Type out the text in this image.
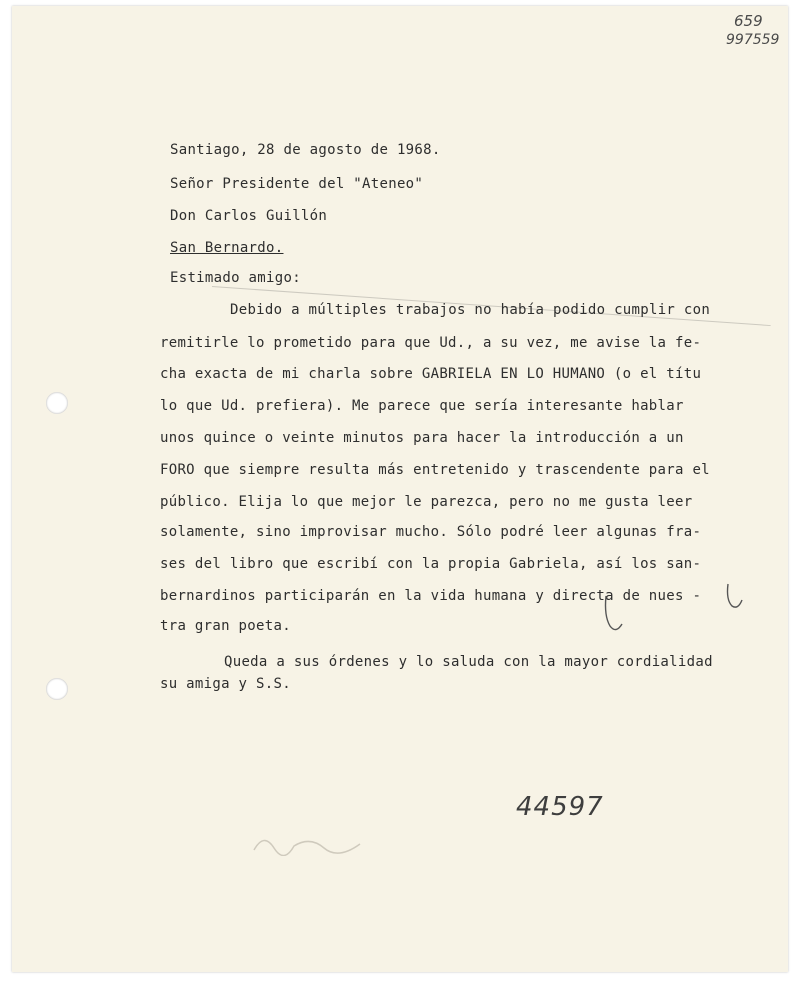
659
997559
Santiago, 28 de agosto de 1968.
Señor Presidente del "Ateneo"
Don Carlos Guillón
San Bernardo.
Estimado amigo:
Debido a múltiples trabajos no había podido cumplir con
remitirle lo prometido para que Ud., a su vez, me avise la fe-
cha exacta de mi charla sobre GABRIELA EN LO HUMANO (o el títu
lo que Ud. prefiera). Me parece que sería interesante hablar
unos quince o veinte minutos para hacer la introducción a un
FORO que siempre resulta más entretenido y trascendente para el
público. Elija lo que mejor le parezca, pero no me gusta leer
solamente, sino improvisar mucho. Sólo podré leer algunas fra-
ses del libro que escribí con la propia Gabriela, así los san-
bernardinos participarán en la vida humana y directa de nues -
tra gran poeta.
Queda a sus órdenes y lo saluda con la mayor cordialidad
su amiga y S.S.
44597
